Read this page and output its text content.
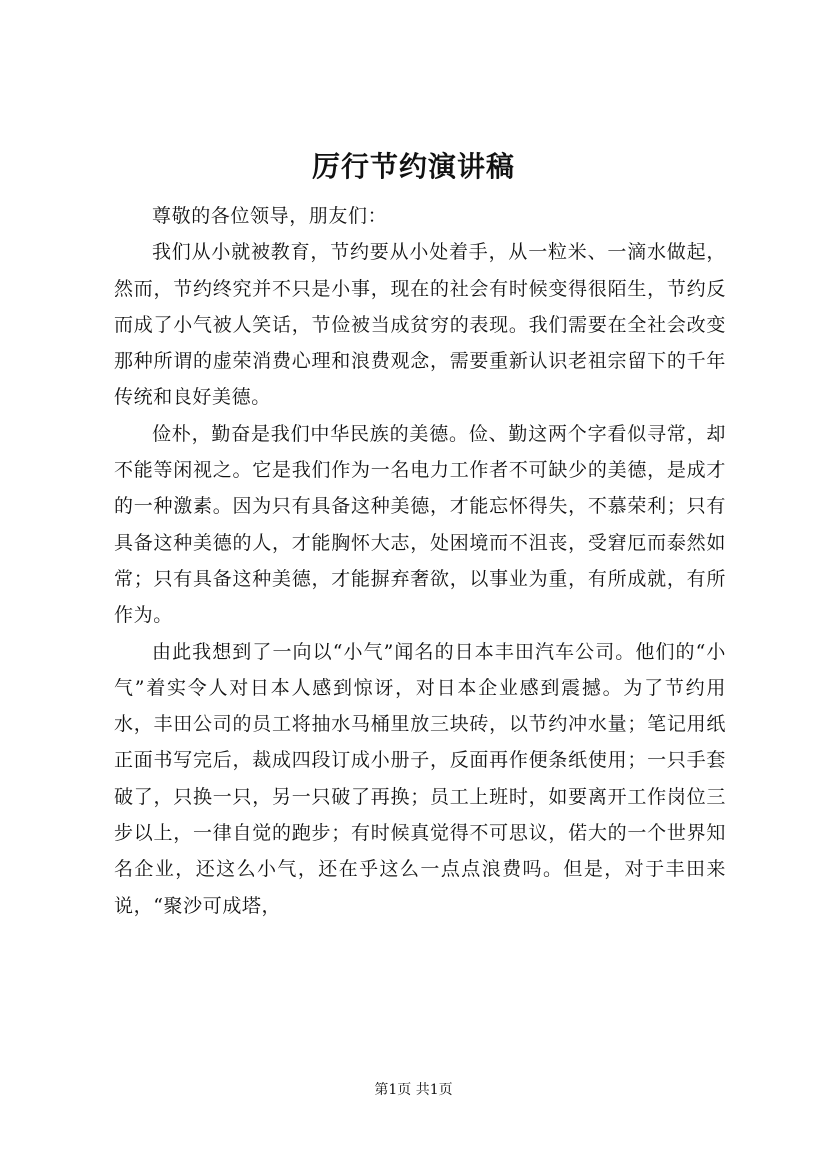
厉行节约演讲稿

尊敬的各位领导，朋友们：

我们从小就被教育，节约要从小处着手，从一粒米、一滴水做起，然而，节约终究并不只是小事，现在的社会有时候变得很陌生，节约反而成了小气被人笑话，节俭被当成贫穷的表现。我们需要在全社会改变那种所谓的虚荣消费心理和浪费观念，需要重新认识老祖宗留下的千年传统和良好美德。

俭朴，勤奋是我们中华民族的美德。俭、勤这两个字看似寻常，却不能等闲视之。它是我们作为一名电力工作者不可缺少的美德，是成才的一种激素。因为只有具备这种美德，才能忘怀得失，不慕荣利；只有具备这种美德的人，才能胸怀大志，处困境而不沮丧，受窘厄而泰然如常；只有具备这种美德，才能摒弃奢欲，以事业为重，有所成就，有所作为。

由此我想到了一向以“小气”闻名的日本丰田汽车公司。他们的“小气”着实令人对日本人感到惊讶，对日本企业感到震撼。为了节约用水，丰田公司的员工将抽水马桶里放三块砖，以节约冲水量；笔记用纸正面书写完后，裁成四段订成小册子，反面再作便条纸使用；一只手套破了，只换一只，另一只破了再换；员工上班时，如要离开工作岗位三步以上，一律自觉的跑步；有时候真觉得不可思议，偌大的一个世界知名企业，还这么小气，还在乎这么一点点浪费吗。但是，对于丰田来说，“聚沙可成塔，

第1页 共1页
